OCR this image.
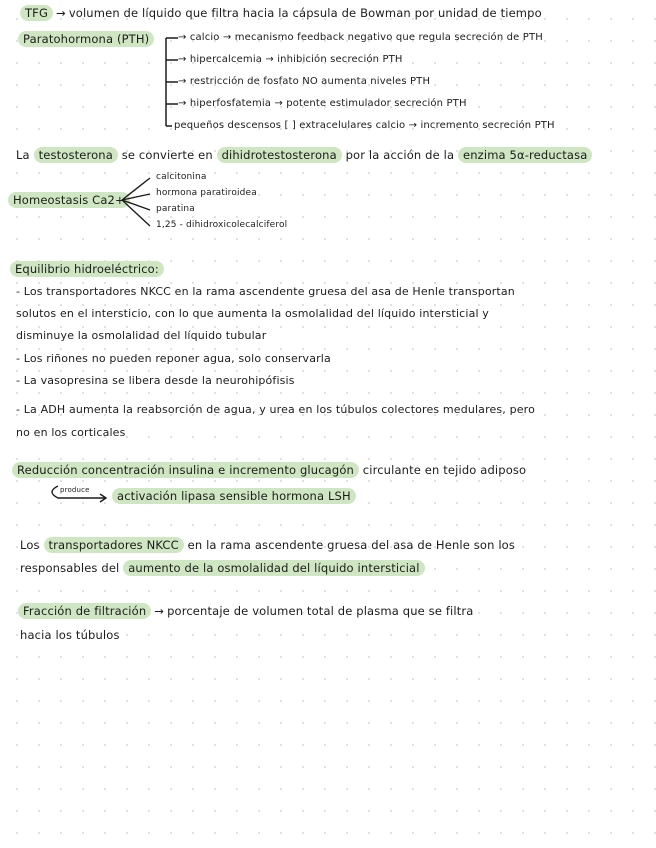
TFG → volumen de líquido que filtra hacia la cápsula de Bowman por unidad de tiempo
Paratohormona (PTH)	→ calcio → mecanismo feedback negativo que regula secreción de PTH
→ hipercalcemia → inhibición secreción PTH
→ restricción de fosfato NO aumenta niveles PTH
→ hiperfosfatemia → potente estimulador secreción PTH
pequeños descensos [ ] extracelulares calcio → incremento secreción PTH
La testosterona se convierte en dihidrotestosterona por la acción de la enzima 5α-reductasa
Homeostasis Ca2+
calcitonina
hormona paratiroidea
paratina
1,25 - dihidroxicolecalciferol
Equilibrio hidroeléctrico:
- Los transportadores NKCC en la rama ascendente gruesa del asa de Henle transportan
solutos en el intersticio, con lo que aumenta la osmolalidad del líquido intersticial y
disminuye la osmolalidad del líquido tubular
- Los riñones no pueden reponer agua, solo conservarla
- La vasopresina se libera desde la neurohipófisis
- La ADH aumenta la reabsorción de agua, y urea en los túbulos colectores medulares, pero
no en los corticales
Reducción concentración insulina e incremento glucagón circulante en tejido adiposo
produce	activación lipasa sensible hormona LSH
Los transportadores NKCC en la rama ascendente gruesa del asa de Henle son los
responsables del aumento de la osmolalidad del líquido intersticial
Fracción de filtración → porcentaje de volumen total de plasma que se filtra
hacia los túbulos
